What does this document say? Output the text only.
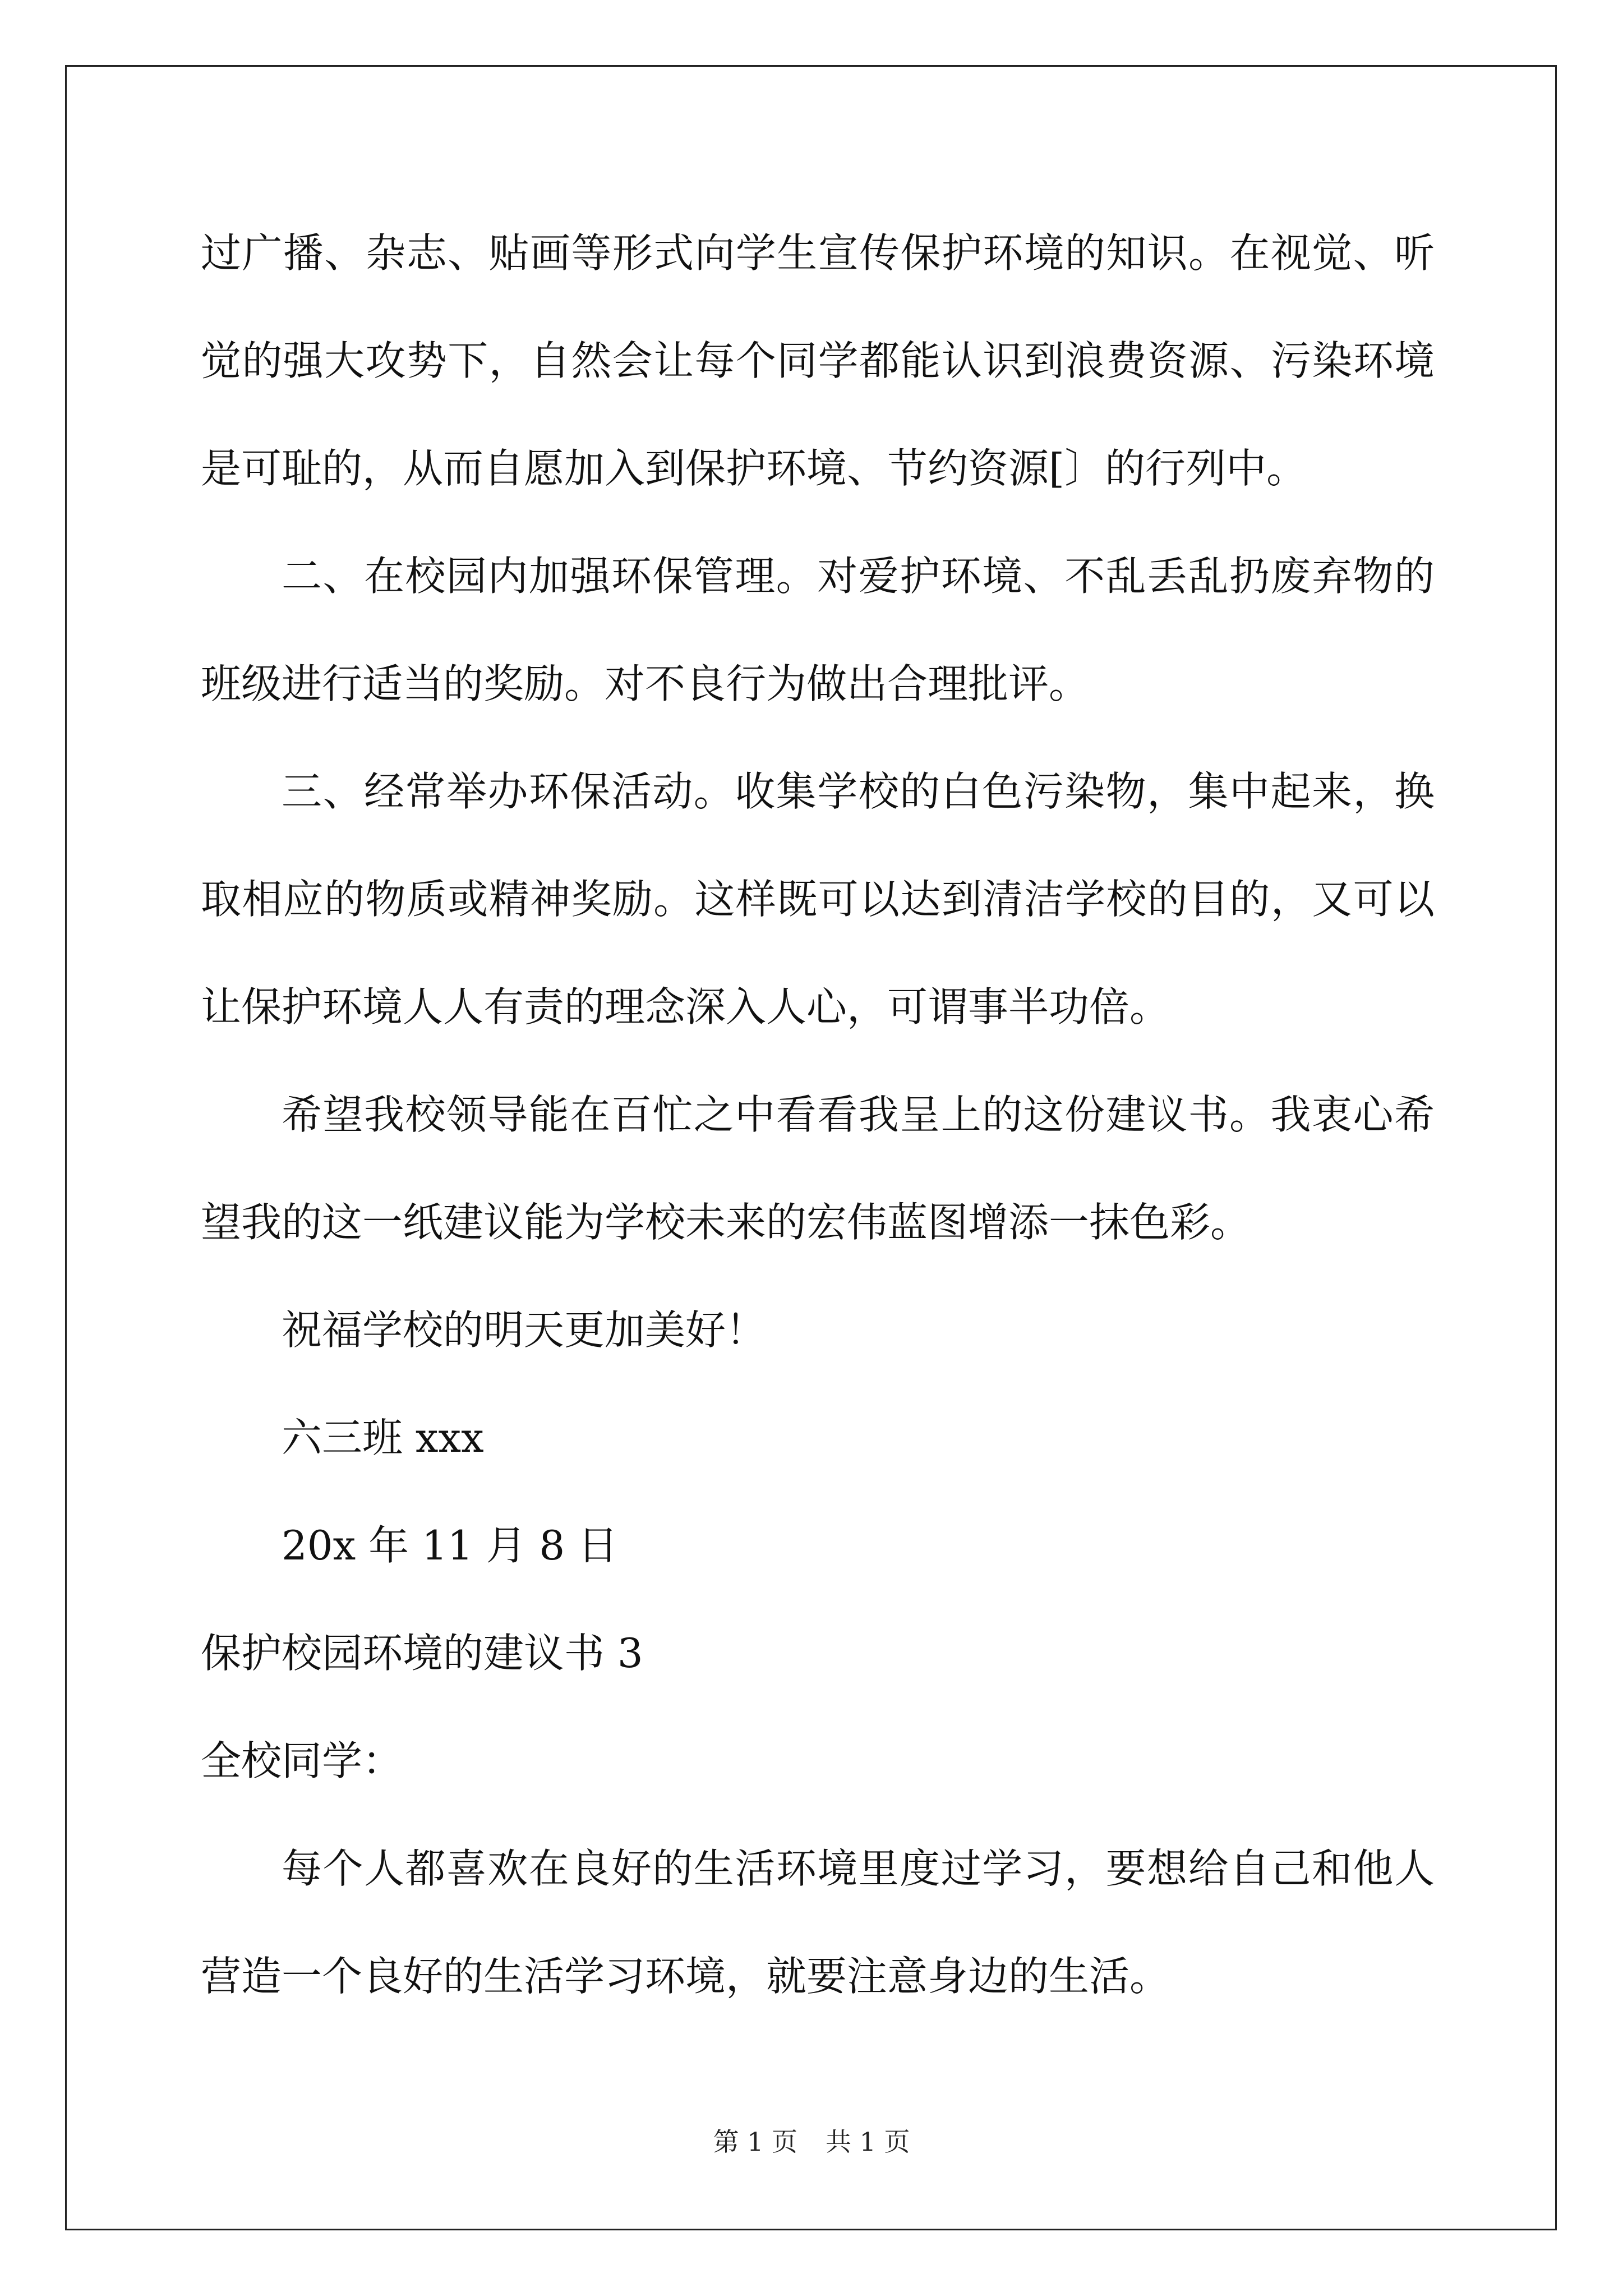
过广播、杂志、贴画等形式向学生宣传保护环境的知识。在视觉、听
觉的强大攻势下，自然会让每个同学都能认识到浪费资源、污染环境
是可耻的，从而自愿加入到保护环境、节约资源[〕的行列中。
二、在校园内加强环保管理。对爱护环境、不乱丢乱扔废弃物的
班级进行适当的奖励。对不良行为做出合理批评。
三、经常举办环保活动。收集学校的白色污染物，集中起来，换
取相应的物质或精神奖励。这样既可以达到清洁学校的目的，又可以
让保护环境人人有责的理念深入人心，可谓事半功倍。
希望我校领导能在百忙之中看看我呈上的这份建议书。我衷心希
望我的这一纸建议能为学校未来的宏伟蓝图增添一抹色彩。
祝福学校的明天更加美好！
六三班 xxx
20x 年 11 月 8 日
保护校园环境的建议书 3
全校同学：
每个人都喜欢在良好的生活环境里度过学习，要想给自己和他人
营造一个良好的生活学习环境，就要注意身边的生活。
第 1 页 共 1 页
